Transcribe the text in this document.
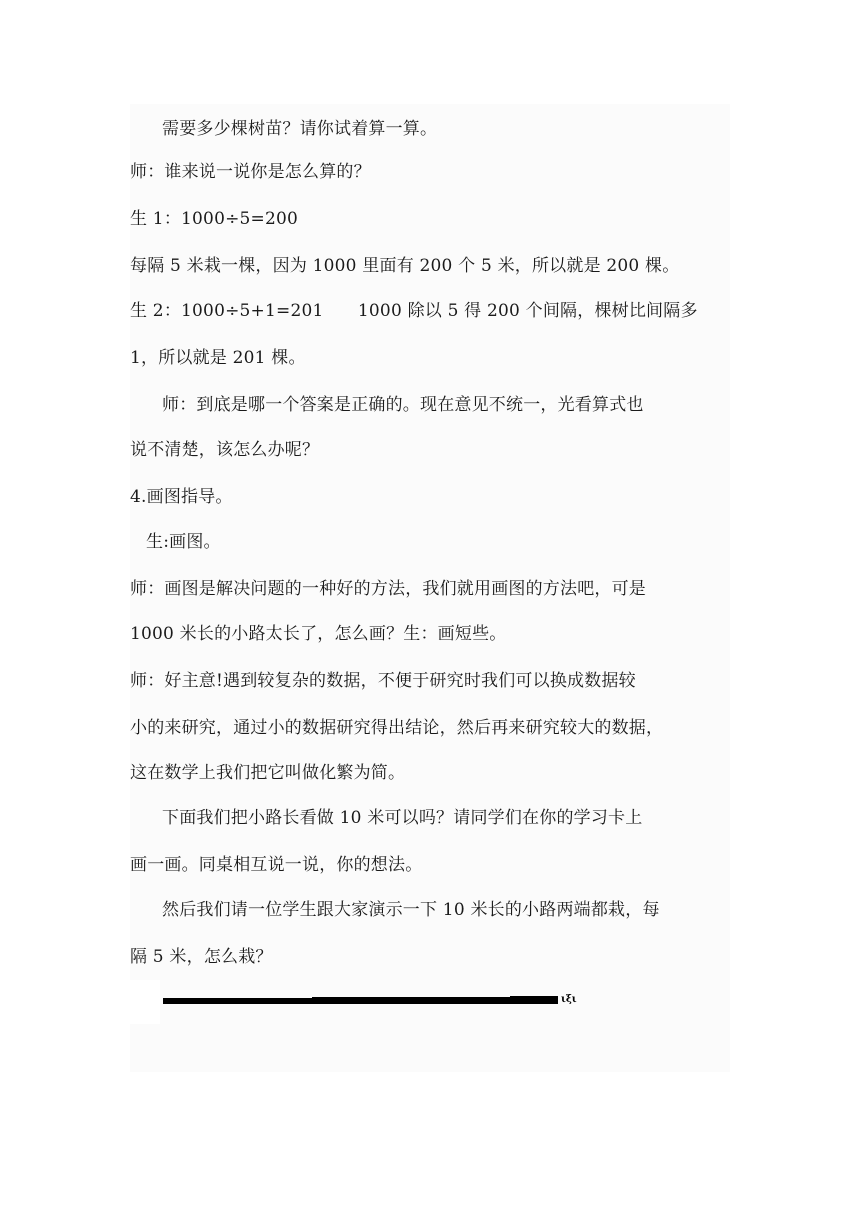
需要多少棵树苗？请你试着算一算。
师：谁来说一说你是怎么算的？
生 1：1000÷5=200
每隔 5 米栽一棵，因为 1000 里面有 200 个 5 米，所以就是 200 棵。
生 2：1000÷5+1=201　　1000 除以 5 得 200 个间隔，棵树比间隔多
1，所以就是 201 棵。
师：到底是哪一个答案是正确的。现在意见不统一，光看算式也
说不清楚，该怎么办呢？
4.画图指导。
生:画图。
师：画图是解决问题的一种好的方法，我们就用画图的方法吧，可是
1000 米长的小路太长了，怎么画？生：画短些。
师：好主意!遇到较复杂的数据，不便于研究时我们可以换成数据较
小的来研究，通过小的数据研究得出结论，然后再来研究较大的数据，
这在数学上我们把它叫做化繁为简。
下面我们把小路长看做 10 米可以吗？请同学们在你的学习卡上
画一画。同桌相互说一说，你的想法。
然后我们请一位学生跟大家演示一下 10 米长的小路两端都栽，每
隔 5 米，怎么栽？
ιξι
